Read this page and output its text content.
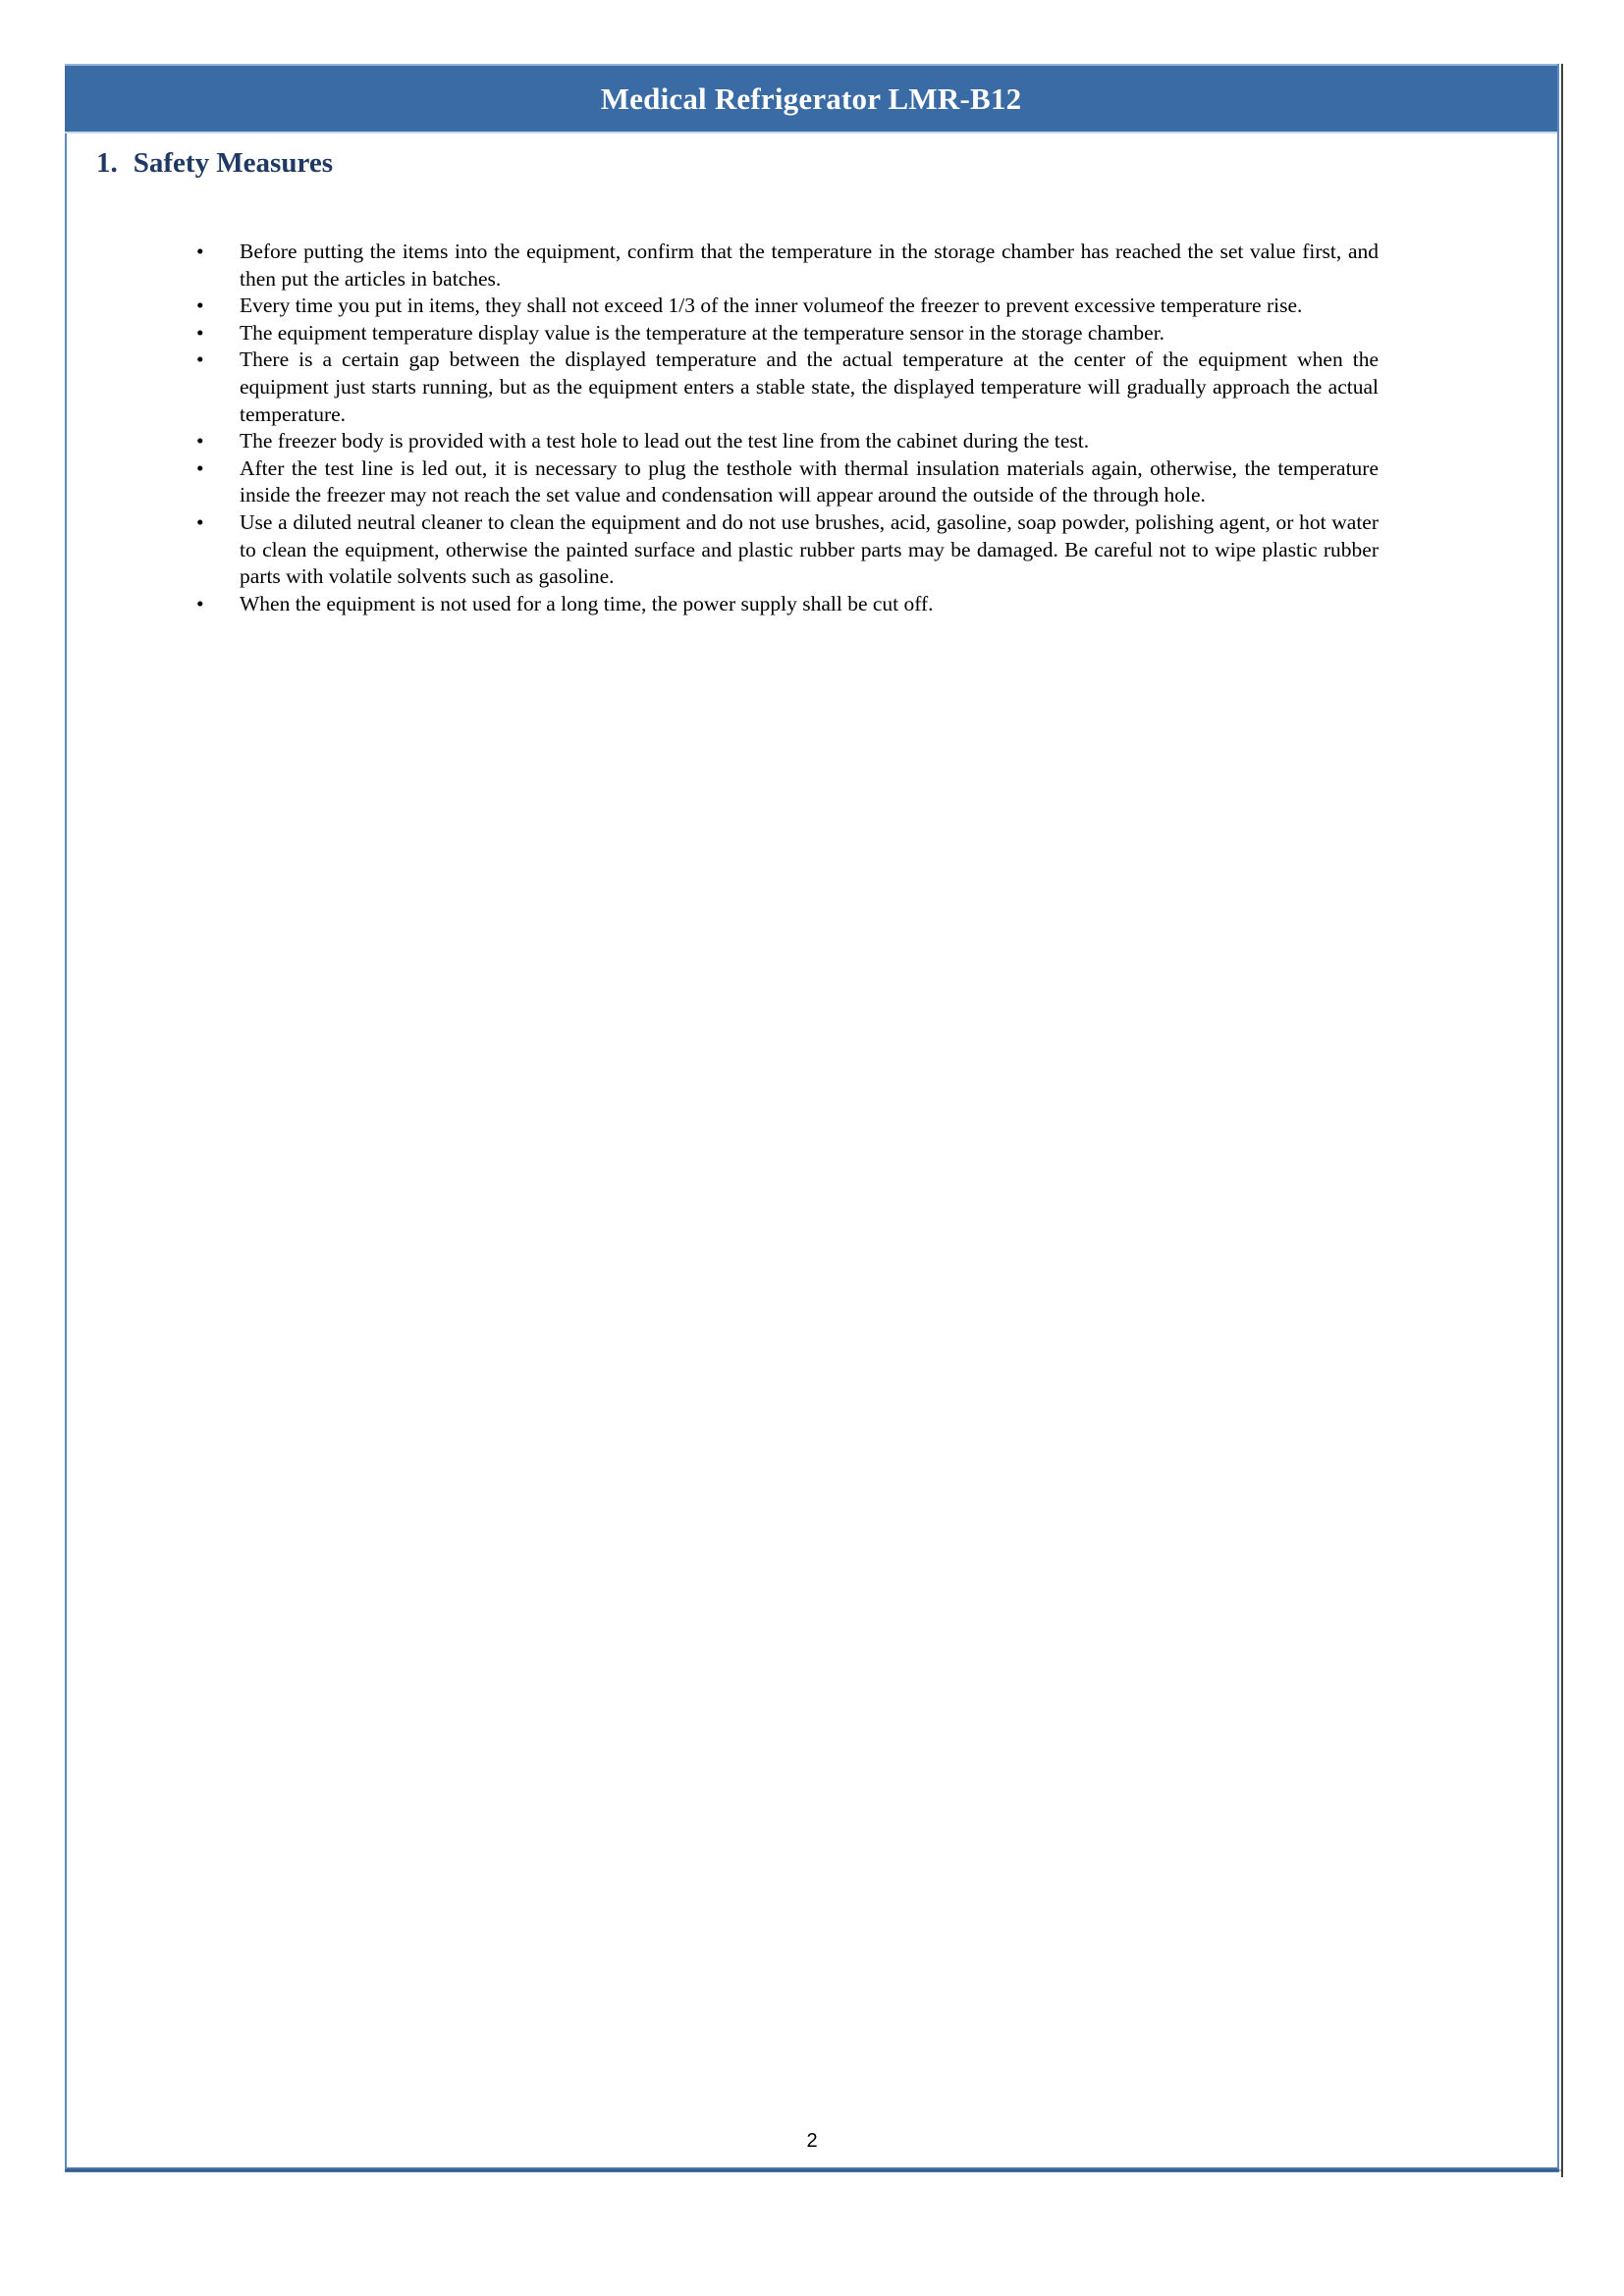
Medical Refrigerator LMR-B12
1. Safety Measures
•	Before putting the items into the equipment, confirm that the temperature in the storage chamber has reached the set value first, and then put the articles in batches.
•	Every time you put in items, they shall not exceed 1/3 of the inner volumeof the freezer to prevent excessive temperature rise.
•	The equipment temperature display value is the temperature at the temperature sensor in the storage chamber.
•	There is a certain gap between the displayed temperature and the actual temperature at the center of the equipment when the equipment just starts running, but as the equipment enters a stable state, the displayed temperature will gradually approach the actual temperature.
•	The freezer body is provided with a test hole to lead out the test line from the cabinet during the test.
•	After the test line is led out, it is necessary to plug the testhole with thermal insulation materials again, otherwise, the temperature inside the freezer may not reach the set value and condensation will appear around the outside of the through hole.
•	Use a diluted neutral cleaner to clean the equipment and do not use brushes, acid, gasoline, soap powder, polishing agent, or hot water to clean the equipment, otherwise the painted surface and plastic rubber parts may be damaged. Be careful not to wipe plastic rubber parts with volatile solvents such as gasoline.
•	When the equipment is not used for a long time, the power supply shall be cut off.
2
